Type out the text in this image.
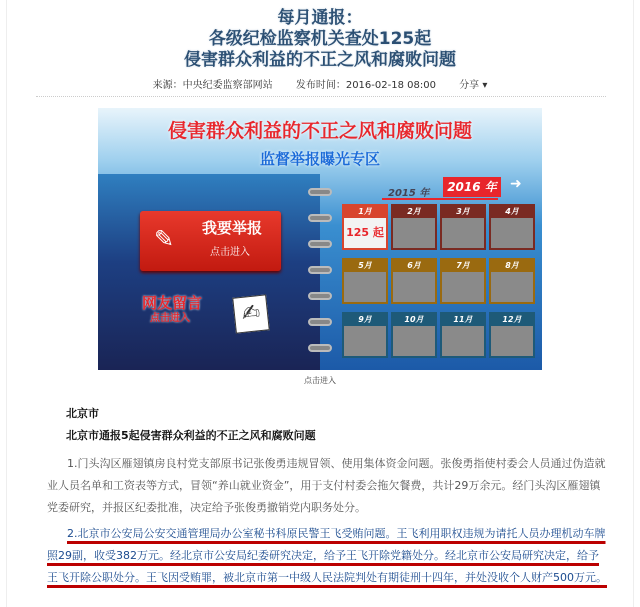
每月通报：
各级纪检监察机关查处125起
侵害群众利益的不正之风和腐败问题
来源：中央纪委监察部网站 发布时间：2016-02-18 08:00 分享 ▾
侵害群众利益的不正之风和腐败问题
监督举报曝光专区
✎ 我要举报
点击进入
网友留言
点击进入	✍
2015 年	2016 年 ➜
1月
125 起
2月	3月	4月
5月	6月	7月	8月
9月	10月	11月	12月
点击进入
北京市
北京市通报5起侵害群众利益的不正之风和腐败问题
1.门头沟区雁翅镇房良村党支部原书记张俊勇违规冒领、使用集体资金问题。张俊勇指使村委会人员通过伪造就业人员名单和工资表等方式，冒领“养山就业资金”，用于支付村委会拖欠餐费，共计29万余元。经门头沟区雁翅镇党委研究，并报区纪委批准，决定给予张俊勇撤销党内职务处分。
2.北京市公安局公安交通管理局办公室秘书科原民警王飞受贿问题。王飞利用职权违规为请托人员办理机动车牌照29副，收受382万元。经北京市公安局纪委研究决定，给予王飞开除党籍处分。经北京市公安局研究决定，给予王飞开除公职处分。王飞因受贿罪，被北京市第一中级人民法院判处有期徒刑十四年，并处没收个人财产500万元。
